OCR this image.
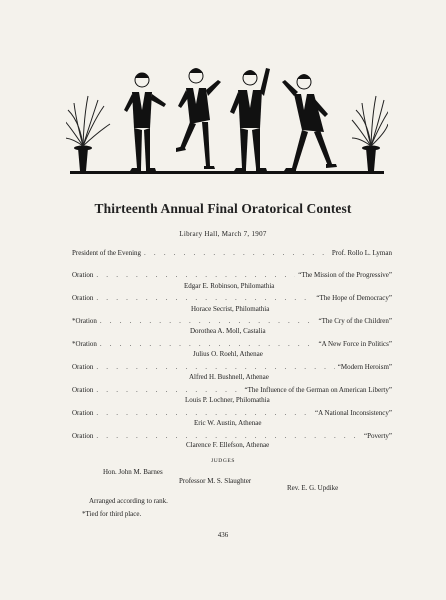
Thirteenth Annual Final Oratorical Contest
Library Hall, March 7, 1907
President of the Evening . . .	Prof. Rollo L. Lyman
Oration . . .	“The Mission of the Progressive”
Edgar E. Robinson, Philomathia
Oration . . .	“The Hope of Democracy”
Horace Secrist, Philomathia
*Oration . . .	“The Cry of the Children”
Dorothea A. Moll, Castalia
*Oration . . .	“A New Force in Politics”
Julius O. Roehl, Athenae
Oration . . .	“Modern Heroism”
Alfred H. Bushnell, Athenae
Oration . . .	“The Influence of the German on American Liberty”
Louis P. Lochner, Philomathia
Oration . . .	“A National Inconsistency”
Eric W. Austin, Athenae
Oration . . .	“Poverty”
Clarence F. Ellefson, Athenae
JUDGES
Hon. John M. Barnes
Professor M. S. Slaughter
Rev. E. G. Updike
Arranged according to rank.
*Tied for third place.
436
